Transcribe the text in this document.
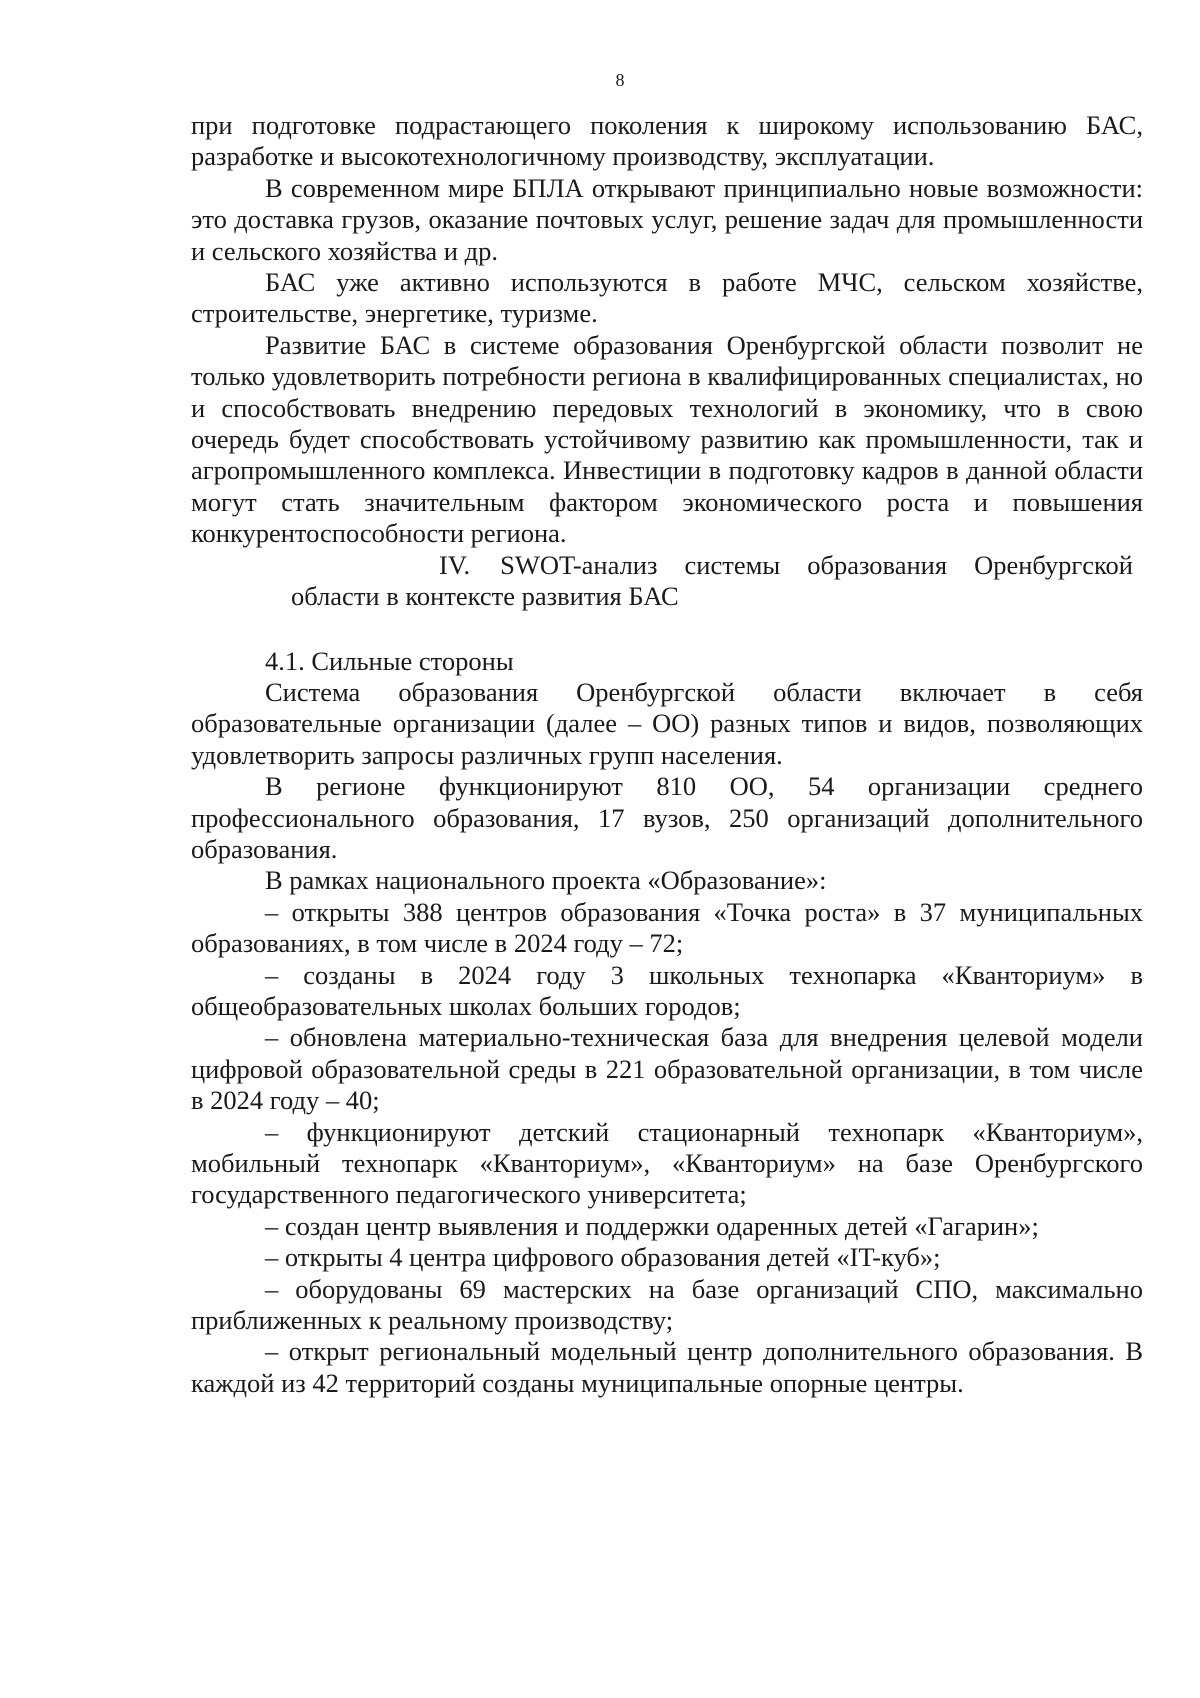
8

при подготовке подрастающего поколения к широкому использованию БАС, разработке и высокотехнологичному производству, эксплуатации.

В современном мире БПЛА открывают принципиально новые возможности: это доставка грузов, оказание почтовых услуг, решение задач для промышленности и сельского хозяйства и др.

БАС уже активно используются в работе МЧС, сельском хозяйстве, строительстве, энергетике, туризме.

Развитие БАС в системе образования Оренбургской области позволит не только удовлетворить потребности региона в квалифицированных специалистах, но и способствовать внедрению передовых технологий в экономику, что в свою очередь будет способствовать устойчивому развитию как промышленности, так и агропромышленного комплекса. Инвестиции в подготовку кадров в данной области могут стать значительным фактором экономического роста и повышения конкурентоспособности региона.

IV. SWOT-анализ системы образования Оренбургской области в контексте развития БАС

4.1. Сильные стороны

Система образования Оренбургской области включает в себя образовательные организации (далее – ОО) разных типов и видов, позволяющих удовлетворить запросы различных групп населения.

В регионе функционируют 810 ОО, 54 организации среднего профессионального образования, 17 вузов, 250 организаций дополнительного образования.

В рамках национального проекта «Образование»:

– открыты 388 центров образования «Точка роста» в 37 муниципальных образованиях, в том числе в 2024 году – 72;

– созданы в 2024 году 3 школьных технопарка «Кванториум» в общеобразовательных школах больших городов;

– обновлена материально-техническая база для внедрения целевой модели цифровой образовательной среды в 221 образовательной организации, в том числе в 2024 году – 40;

– функционируют детский стационарный технопарк «Кванториум», мобильный технопарк «Кванториум», «Кванториум» на базе Оренбургского государственного педагогического университета;

– создан центр выявления и поддержки одаренных детей «Гагарин»;

– открыты 4 центра цифрового образования детей «IT-куб»;

– оборудованы 69 мастерских на базе организаций СПО, максимально приближенных к реальному производству;

– открыт региональный модельный центр дополнительного образования. В каждой из 42 территорий созданы муниципальные опорные центры.
